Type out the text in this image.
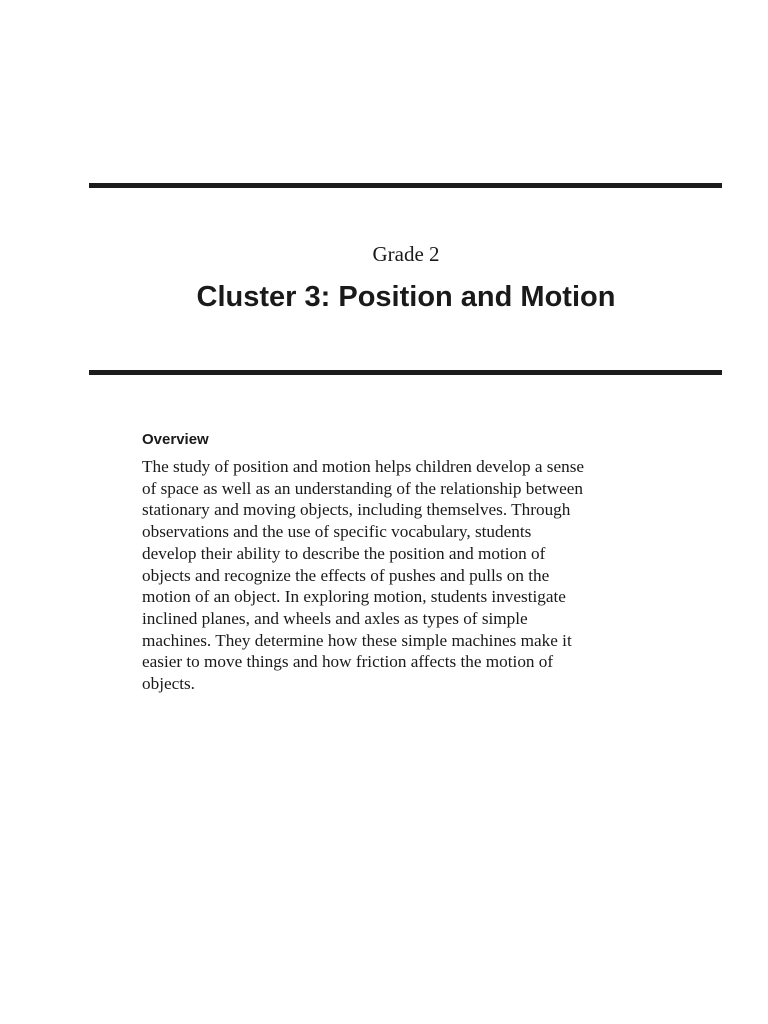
Grade 2
Cluster 3: Position and Motion
Overview
The study of position and motion helps children develop a sense
of space as well as an understanding of the relationship between
stationary and moving objects, including themselves. Through
observations and the use of specific vocabulary, students
develop their ability to describe the position and motion of
objects and recognize the effects of pushes and pulls on the
motion of an object. In exploring motion, students investigate
inclined planes, and wheels and axles as types of simple
machines. They determine how these simple machines make it
easier to move things and how friction affects the motion of
objects.
